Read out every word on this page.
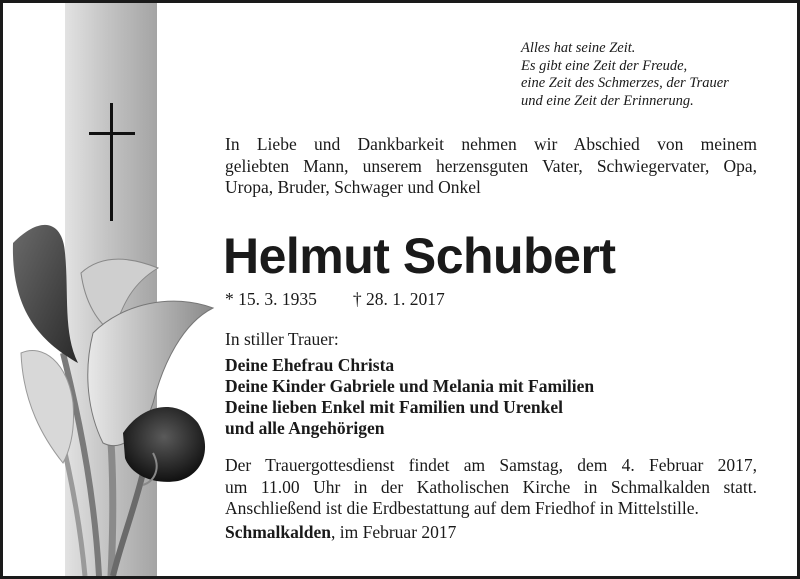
Alles hat seine Zeit.
Es gibt eine Zeit der Freude,
eine Zeit des Schmerzes, der Trauer
und eine Zeit der Erinnerung.
In Liebe und Dankbarkeit nehmen wir Abschied von meinem
geliebten Mann, unserem herzensguten Vater, Schwiegervater, Opa,
Uropa, Bruder, Schwager und Onkel
Helmut Schubert
* 15. 3. 1935 † 28. 1. 2017
In stiller Trauer:
Deine Ehefrau Christa
Deine Kinder Gabriele und Melania mit Familien
Deine lieben Enkel mit Familien und Urenkel
und alle Angehörigen
Der Trauergottesdienst findet am Samstag, dem 4. Februar 2017,
um 11.00 Uhr in der Katholischen Kirche in Schmalkalden statt.
Anschließend ist die Erdbestattung auf dem Friedhof in Mittelstille.
Schmalkalden, im Februar 2017
